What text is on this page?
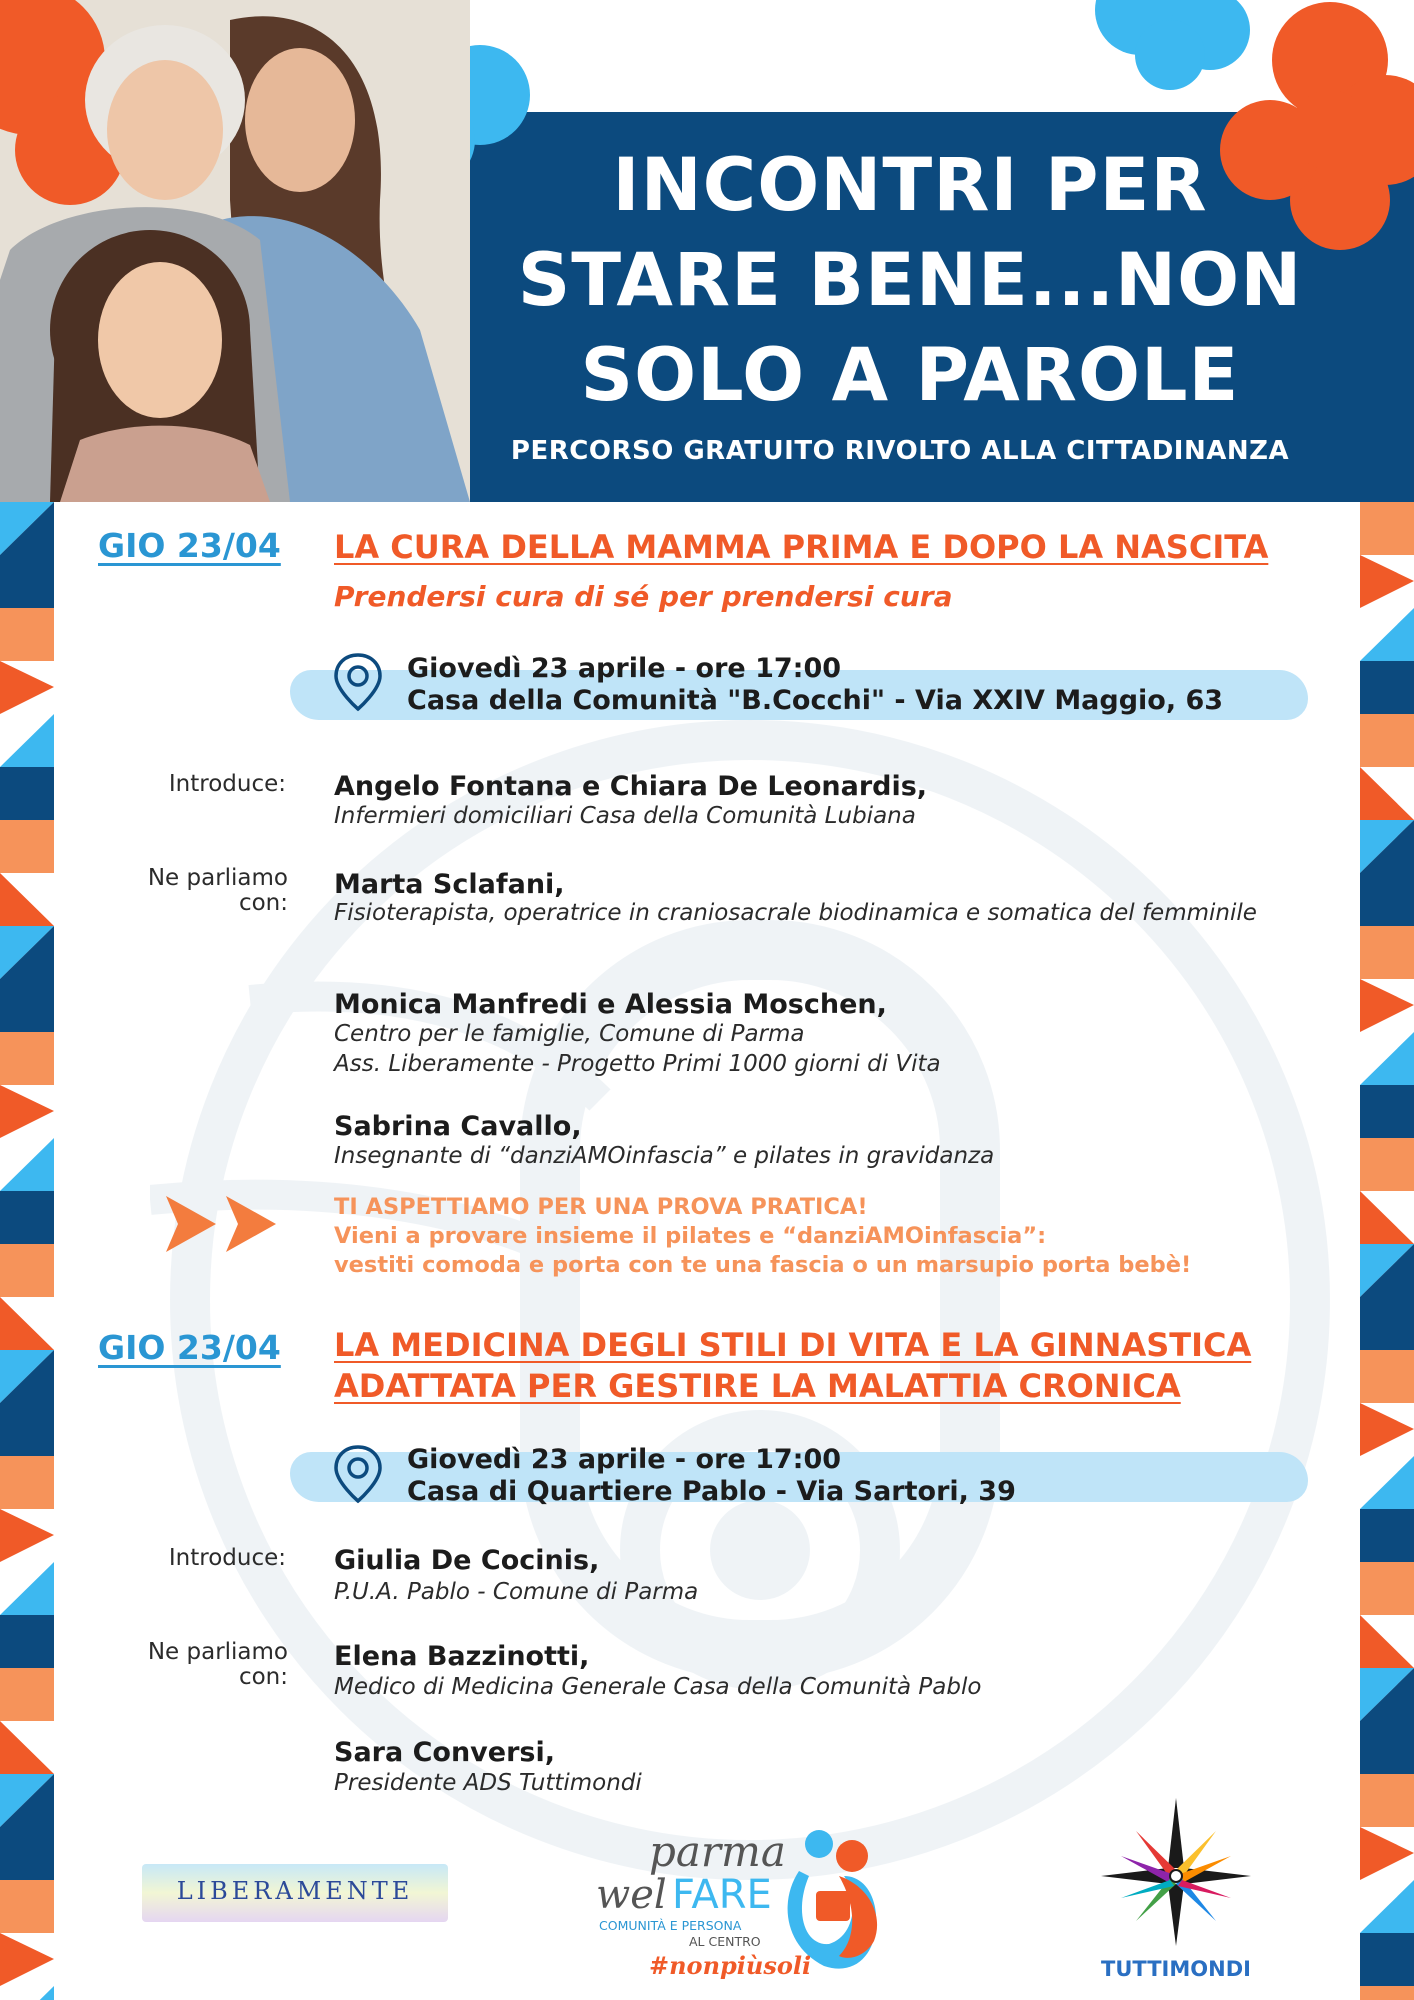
INCONTRI PER
STARE BENE...NON
SOLO A PAROLE
PERCORSO GRATUITO RIVOLTO ALLA CITTADINANZA
GIO 23/04 LA CURA DELLA MAMMA PRIMA E DOPO LA NASCITA
Prendersi cura di sé per prendersi cura
Giovedì 23 aprile - ore 17:00
Casa della Comunità "B.Cocchi" - Via XXIV Maggio, 63
Introduce: Angelo Fontana e Chiara De Leonardis,
Infermieri domiciliari Casa della Comunità Lubiana
Ne parliamo con:
Marta Sclafani,
Fisioterapista, operatrice in craniosacrale biodinamica e somatica del femminile
Monica Manfredi e Alessia Moschen,
Centro per le famiglie, Comune di Parma
Ass. Liberamente - Progetto Primi 1000 giorni di Vita
Sabrina Cavallo,
Insegnante di “danziAMOinfascia” e pilates in gravidanza
TI ASPETTIAMO PER UNA PROVA PRATICA!
Vieni a provare insieme il pilates e “danziAMOinfascia”:
vestiti comoda e porta con te una fascia o un marsupio porta bebè!
GIO 23/04 LA MEDICINA DEGLI STILI DI VITA E LA GINNASTICA
ADATTATA PER GESTIRE LA MALATTIA CRONICA
Giovedì 23 aprile - ore 17:00
Casa di Quartiere Pablo - Via Sartori, 39
Introduce: Giulia De Cocinis,
P.U.A. Pablo - Comune di Parma
Ne parliamo con:
Elena Bazzinotti,
Medico di Medicina Generale Casa della Comunità Pablo
Sara Conversi,
Presidente ADS Tuttimondi
LIBERAMENTE
parma
wel FARE
COMUNITÀ E PERSONA
AL CENTRO
#nonpiùsoli	TUTTIMONDI
